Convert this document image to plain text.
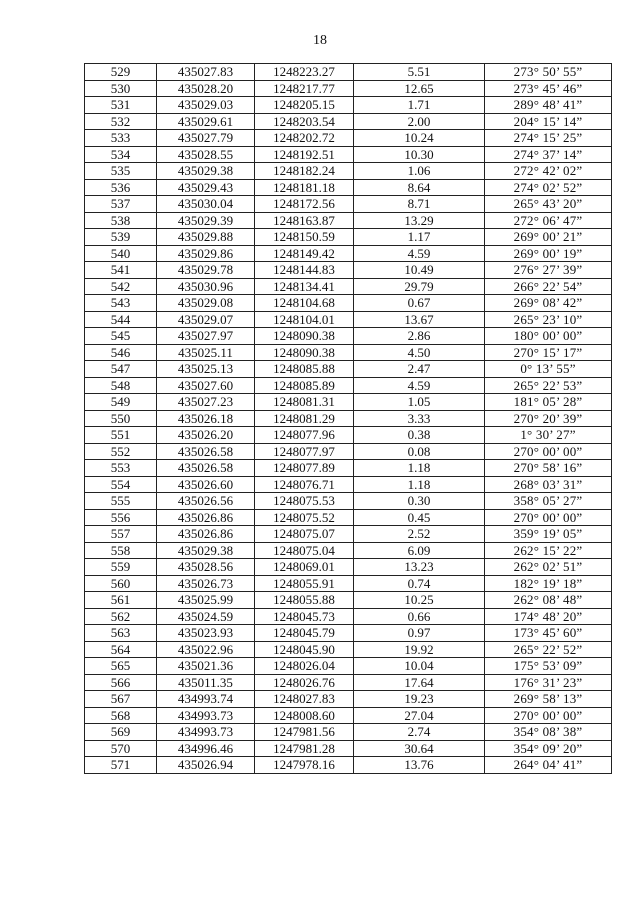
18
529	435027.83	1248223.27	5.51	273° 50’ 55”
530	435028.20	1248217.77	12.65	273° 45’ 46”
531	435029.03	1248205.15	1.71	289° 48’ 41”
532	435029.61	1248203.54	2.00	204° 15’ 14”
533	435027.79	1248202.72	10.24	274° 15’ 25”
534	435028.55	1248192.51	10.30	274° 37’ 14”
535	435029.38	1248182.24	1.06	272° 42’ 02”
536	435029.43	1248181.18	8.64	274° 02’ 52”
537	435030.04	1248172.56	8.71	265° 43’ 20”
538	435029.39	1248163.87	13.29	272° 06’ 47”
539	435029.88	1248150.59	1.17	269° 00’ 21”
540	435029.86	1248149.42	4.59	269° 00’ 19”
541	435029.78	1248144.83	10.49	276° 27’ 39”
542	435030.96	1248134.41	29.79	266° 22’ 54”
543	435029.08	1248104.68	0.67	269° 08’ 42”
544	435029.07	1248104.01	13.67	265° 23’ 10”
545	435027.97	1248090.38	2.86	180° 00’ 00”
546	435025.11	1248090.38	4.50	270° 15’ 17”
547	435025.13	1248085.88	2.47	0° 13’ 55”
548	435027.60	1248085.89	4.59	265° 22’ 53”
549	435027.23	1248081.31	1.05	181° 05’ 28”
550	435026.18	1248081.29	3.33	270° 20’ 39”
551	435026.20	1248077.96	0.38	1° 30’ 27”
552	435026.58	1248077.97	0.08	270° 00’ 00”
553	435026.58	1248077.89	1.18	270° 58’ 16”
554	435026.60	1248076.71	1.18	268° 03’ 31”
555	435026.56	1248075.53	0.30	358° 05’ 27”
556	435026.86	1248075.52	0.45	270° 00’ 00”
557	435026.86	1248075.07	2.52	359° 19’ 05”
558	435029.38	1248075.04	6.09	262° 15’ 22”
559	435028.56	1248069.01	13.23	262° 02’ 51”
560	435026.73	1248055.91	0.74	182° 19’ 18”
561	435025.99	1248055.88	10.25	262° 08’ 48”
562	435024.59	1248045.73	0.66	174° 48’ 20”
563	435023.93	1248045.79	0.97	173° 45’ 60”
564	435022.96	1248045.90	19.92	265° 22’ 52”
565	435021.36	1248026.04	10.04	175° 53’ 09”
566	435011.35	1248026.76	17.64	176° 31’ 23”
567	434993.74	1248027.83	19.23	269° 58’ 13”
568	434993.73	1248008.60	27.04	270° 00’ 00”
569	434993.73	1247981.56	2.74	354° 08’ 38”
570	434996.46	1247981.28	30.64	354° 09’ 20”
571	435026.94	1247978.16	13.76	264° 04’ 41”
